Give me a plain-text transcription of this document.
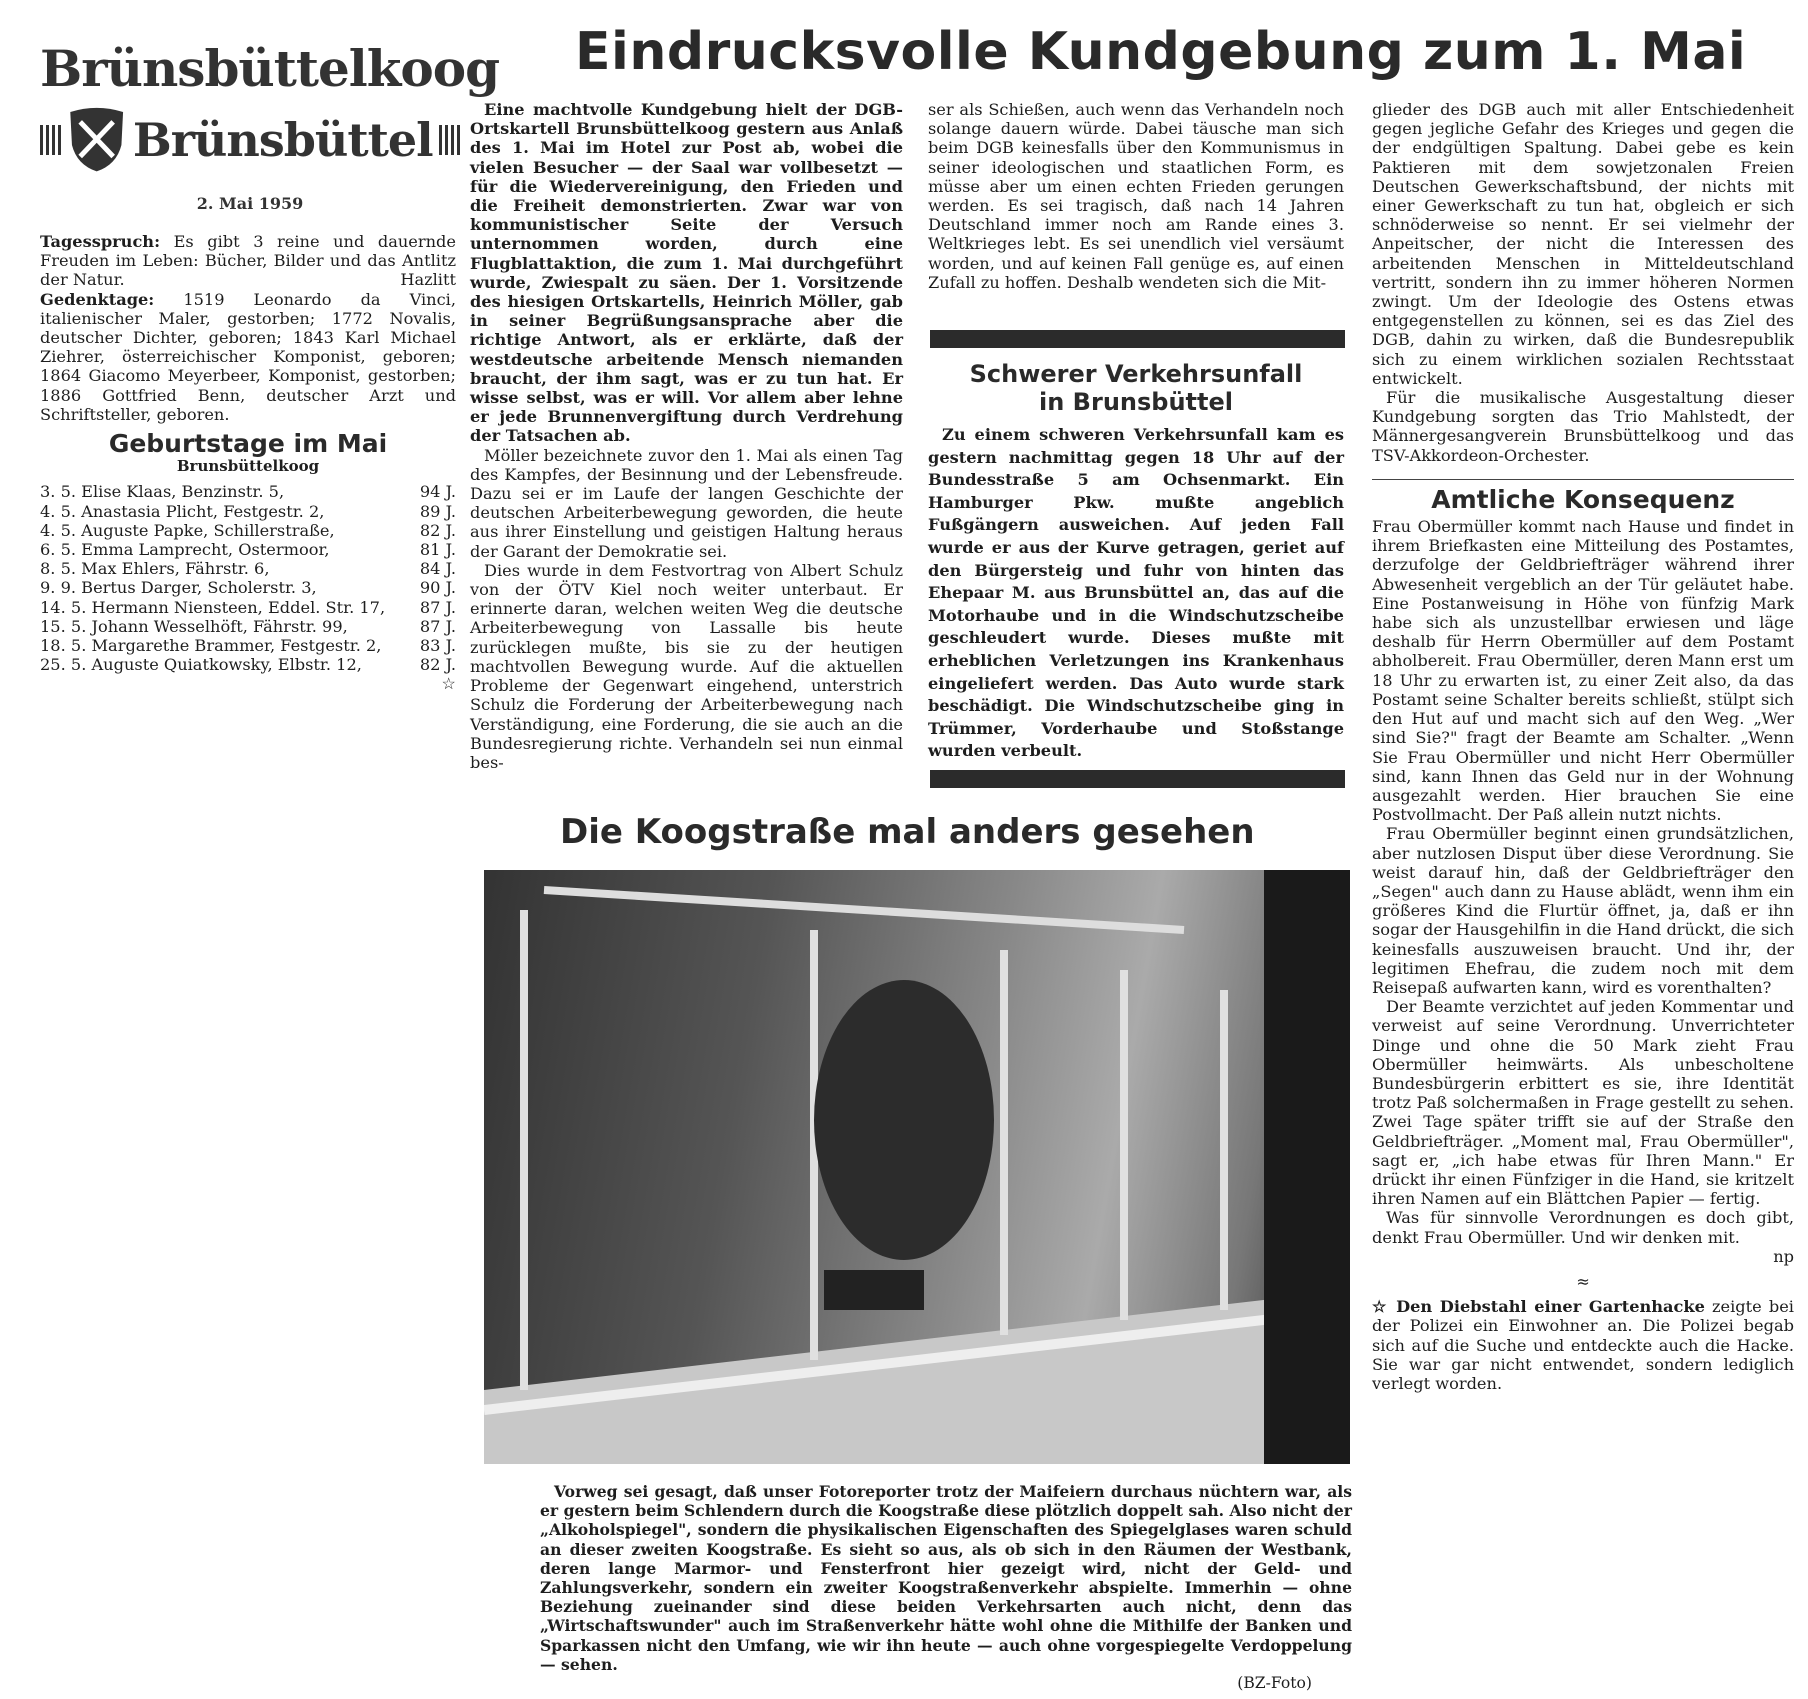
Brünsbüttelkoog
Brünsbüttel
2. Mai 1959

Tagesspruch: Es gibt 3 reine und dauernde Freuden im Leben: Bücher, Bilder und das Antlitz der Natur.	Hazlitt

Gedenktage: 1519 Leonardo da Vinci, italienischer Maler, gestorben; 1772 Novalis, deutscher Dichter, geboren; 1843 Karl Michael Ziehrer, österreichischer Komponist, geboren; 1864 Giacomo Meyerbeer, Komponist, gestorben; 1886 Gottfried Benn, deutscher Arzt und Schriftsteller, geboren.

Geburtstage im Mai
Brunsbüttelkoog
3. 5. Elise Klaas, Benzinstr. 5,	94 J.
4. 5. Anastasia Plicht, Festgestr. 2,	89 J.
4. 5. Auguste Papke, Schillerstraße,	82 J.
6. 5. Emma Lamprecht, Ostermoor,	81 J.
8. 5. Max Ehlers, Fährstr. 6,	84 J.
9. 9. Bertus Darger, Scholerstr. 3,	90 J.
14. 5. Hermann Niensteen, Eddel. Str. 17, 87 J.
15. 5. Johann Wesselhöft, Fährstr. 99,	87 J.
18. 5. Margarethe Brammer, Festgestr. 2, 83 J.
25. 5. Auguste Quiatkowsky, Elbstr. 12,	82 J.
☆
Eindrucksvolle Kundgebung zum 1. Mai

Eine machtvolle Kundgebung hielt der DGB-Ortskartell Brunsbüttelkoog gestern aus Anlaß des 1. Mai im Hotel zur Post ab, wobei die vielen Besucher — der Saal war vollbesetzt — für die Wiedervereinigung, den Frieden und die Freiheit demonstrierten. Zwar war von kommunistischer Seite der Versuch unternommen worden, durch eine Flugblattaktion, die zum 1. Mai durchgeführt wurde, Zwiespalt zu säen. Der 1. Vorsitzende des hiesigen Ortskartells, Heinrich Möller, gab in seiner Begrüßungsansprache aber die richtige Antwort, als er erklärte, daß der westdeutsche arbeitende Mensch niemanden braucht, der ihm sagt, was er zu tun hat. Er wisse selbst, was er will. Vor allem aber lehne er jede Brunnenvergiftung durch Verdrehung der Tatsachen ab.

Möller bezeichnete zuvor den 1. Mai als einen Tag des Kampfes, der Besinnung und der Lebensfreude. Dazu sei er im Laufe der langen Geschichte der deutschen Arbeiterbewegung geworden, die heute aus ihrer Einstellung und geistigen Haltung heraus der Garant der Demokratie sei.

Dies wurde in dem Festvortrag von Albert Schulz von der ÖTV Kiel noch weiter unterbaut. Er erinnerte daran, welchen weiten Weg die deutsche Arbeiterbewegung von Lassalle bis heute zurücklegen mußte, bis sie zu der heutigen machtvollen Bewegung wurde. Auf die aktuellen Probleme der Gegenwart eingehend, unterstrich Schulz die Forderung der Arbeiterbewegung nach Verständigung, eine Forderung, die sie auch an die Bundesregierung richte. Verhandeln sei nun einmal bes-

ser als Schießen, auch wenn das Verhandeln noch solange dauern würde. Dabei täusche man sich beim DGB keinesfalls über den Kommunismus in seiner ideologischen und staatlichen Form, es müsse aber um einen echten Frieden gerungen werden. Es sei tragisch, daß nach 14 Jahren Deutschland immer noch am Rande eines 3. Weltkrieges lebt. Es sei unendlich viel versäumt worden, und auf keinen Fall genüge es, auf einen Zufall zu hoffen. Deshalb wendeten sich die Mit-

Schwerer Verkehrsunfall
in Brunsbüttel

Zu einem schweren Verkehrsunfall kam es gestern nachmittag gegen 18 Uhr auf der Bundesstraße 5 am Ochsenmarkt. Ein Hamburger Pkw. mußte angeblich Fußgängern ausweichen. Auf jeden Fall wurde er aus der Kurve getragen, geriet auf den Bürgersteig und fuhr von hinten das Ehepaar M. aus Brunsbüttel an, das auf die Motorhaube und in die Windschutzscheibe geschleudert wurde. Dieses mußte mit erheblichen Verletzungen ins Krankenhaus eingeliefert werden. Das Auto wurde stark beschädigt. Die Windschutzscheibe ging in Trümmer, Vorderhaube und Stoßstange wurden verbeult.

glieder des DGB auch mit aller Entschiedenheit gegen jegliche Gefahr des Krieges und gegen die der endgültigen Spaltung. Dabei gebe es kein Paktieren mit dem sowjetzonalen Freien Deutschen Gewerkschaftsbund, der nichts mit einer Gewerkschaft zu tun hat, obgleich er sich schnöderweise so nennt. Er sei vielmehr der Anpeitscher, der nicht die Interessen des arbeitenden Menschen in Mitteldeutschland vertritt, sondern ihn zu immer höheren Normen zwingt. Um der Ideologie des Ostens etwas entgegenstellen zu können, sei es das Ziel des DGB, dahin zu wirken, daß die Bundesrepublik sich zu einem wirklichen sozialen Rechtsstaat entwickelt.

Für die musikalische Ausgestaltung dieser Kundgebung sorgten das Trio Mahlstedt, der Männergesangverein Brunsbüttelkoog und das TSV-Akkordeon-Orchester.

Amtliche Konsequenz

Frau Obermüller kommt nach Hause und findet in ihrem Briefkasten eine Mitteilung des Postamtes, derzufolge der Geldbriefträger während ihrer Abwesenheit vergeblich an der Tür geläutet habe. Eine Postanweisung in Höhe von fünfzig Mark habe sich als unzustellbar erwiesen und läge deshalb für Herrn Obermüller auf dem Postamt abholbereit. Frau Obermüller, deren Mann erst um 18 Uhr zu erwarten ist, zu einer Zeit also, da das Postamt seine Schalter bereits schließt, stülpt sich den Hut auf und macht sich auf den Weg. „Wer sind Sie?" fragt der Beamte am Schalter. „Wenn Sie Frau Obermüller und nicht Herr Obermüller sind, kann Ihnen das Geld nur in der Wohnung ausgezahlt werden. Hier brauchen Sie eine Postvollmacht. Der Paß allein nutzt nichts.

Frau Obermüller beginnt einen grundsätzlichen, aber nutzlosen Disput über diese Verordnung. Sie weist darauf hin, daß der Geldbriefträger den „Segen" auch dann zu Hause ablädt, wenn ihm ein größeres Kind die Flurtür öffnet, ja, daß er ihn sogar der Hausgehilfin in die Hand drückt, die sich keinesfalls auszuweisen braucht. Und ihr, der legitimen Ehefrau, die zudem noch mit dem Reisepaß aufwarten kann, wird es vorenthalten?

Der Beamte verzichtet auf jeden Kommentar und verweist auf seine Verordnung. Unverrichteter Dinge und ohne die 50 Mark zieht Frau Obermüller heimwärts. Als unbescholtene Bundesbürgerin erbittert es sie, ihre Identität trotz Paß solchermaßen in Frage gestellt zu sehen. Zwei Tage später trifft sie auf der Straße den Geldbriefträger. „Moment mal, Frau Obermüller", sagt er, „ich habe etwas für Ihren Mann." Er drückt ihr einen Fünfziger in die Hand, sie kritzelt ihren Namen auf ein Blättchen Papier — fertig.

Was für sinnvolle Verordnungen es doch gibt, denkt Frau Obermüller. Und wir denken mit.

np
≈

☆ Den Diebstahl einer Gartenhacke zeigte bei der Polizei ein Einwohner an. Die Polizei begab sich auf die Suche und entdeckte auch die Hacke. Sie war gar nicht entwendet, sondern lediglich verlegt worden.

Die Koogstraße mal anders gesehen

Vorweg sei gesagt, daß unser Fotoreporter trotz der Maifeiern durchaus nüchtern war, als er gestern beim Schlendern durch die Koogstraße diese plötzlich doppelt sah. Also nicht der „Alkoholspiegel", sondern die physikalischen Eigenschaften des Spiegelglases waren schuld an dieser zweiten Koogstraße. Es sieht so aus, als ob sich in den Räumen der Westbank, deren lange Marmor- und Fensterfront hier gezeigt wird, nicht der Geld- und Zahlungsverkehr, sondern ein zweiter Koogstraßenverkehr abspielte. Immerhin — ohne Beziehung zueinander sind diese beiden Verkehrsarten auch nicht, denn das „Wirtschaftswunder" auch im Straßenverkehr hätte wohl ohne die Mithilfe der Banken und Sparkassen nicht den Umfang, wie wir ihn heute — auch ohne vorgespiegelte Verdoppelung — sehen.

(BZ-Foto)
